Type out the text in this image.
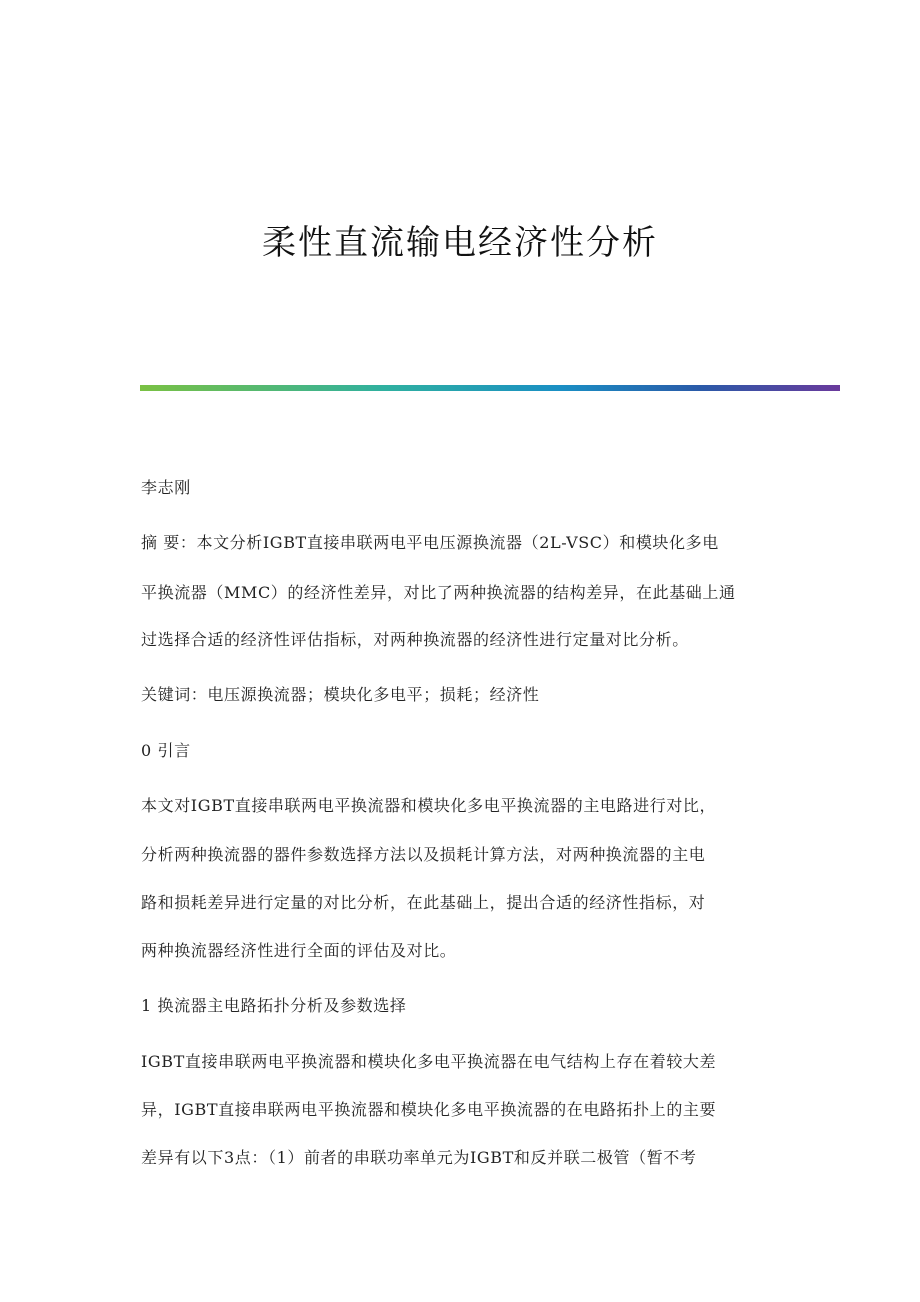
柔性直流输电经济性分析
李志刚
摘 要：本文分析IGBT直接串联两电平电压源换流器（2L-VSC）和模块化多电
平换流器（MMC）的经济性差异，对比了两种换流器的结构差异，在此基础上通
过选择合适的经济性评估指标，对两种换流器的经济性进行定量对比分析。
关键词：电压源换流器；模块化多电平；损耗；经济性
0 引言
本文对IGBT直接串联两电平换流器和模块化多电平换流器的主电路进行对比，
分析两种换流器的器件参数选择方法以及损耗计算方法，对两种换流器的主电
路和损耗差异进行定量的对比分析，在此基础上，提出合适的经济性指标，对
两种换流器经济性进行全面的评估及对比。
1 换流器主电路拓扑分析及参数选择
IGBT直接串联两电平换流器和模块化多电平换流器在电气结构上存在着较大差
异，IGBT直接串联两电平换流器和模块化多电平换流器的在电路拓扑上的主要
差异有以下3点：（1）前者的串联功率单元为IGBT和反并联二极管（暂不考
